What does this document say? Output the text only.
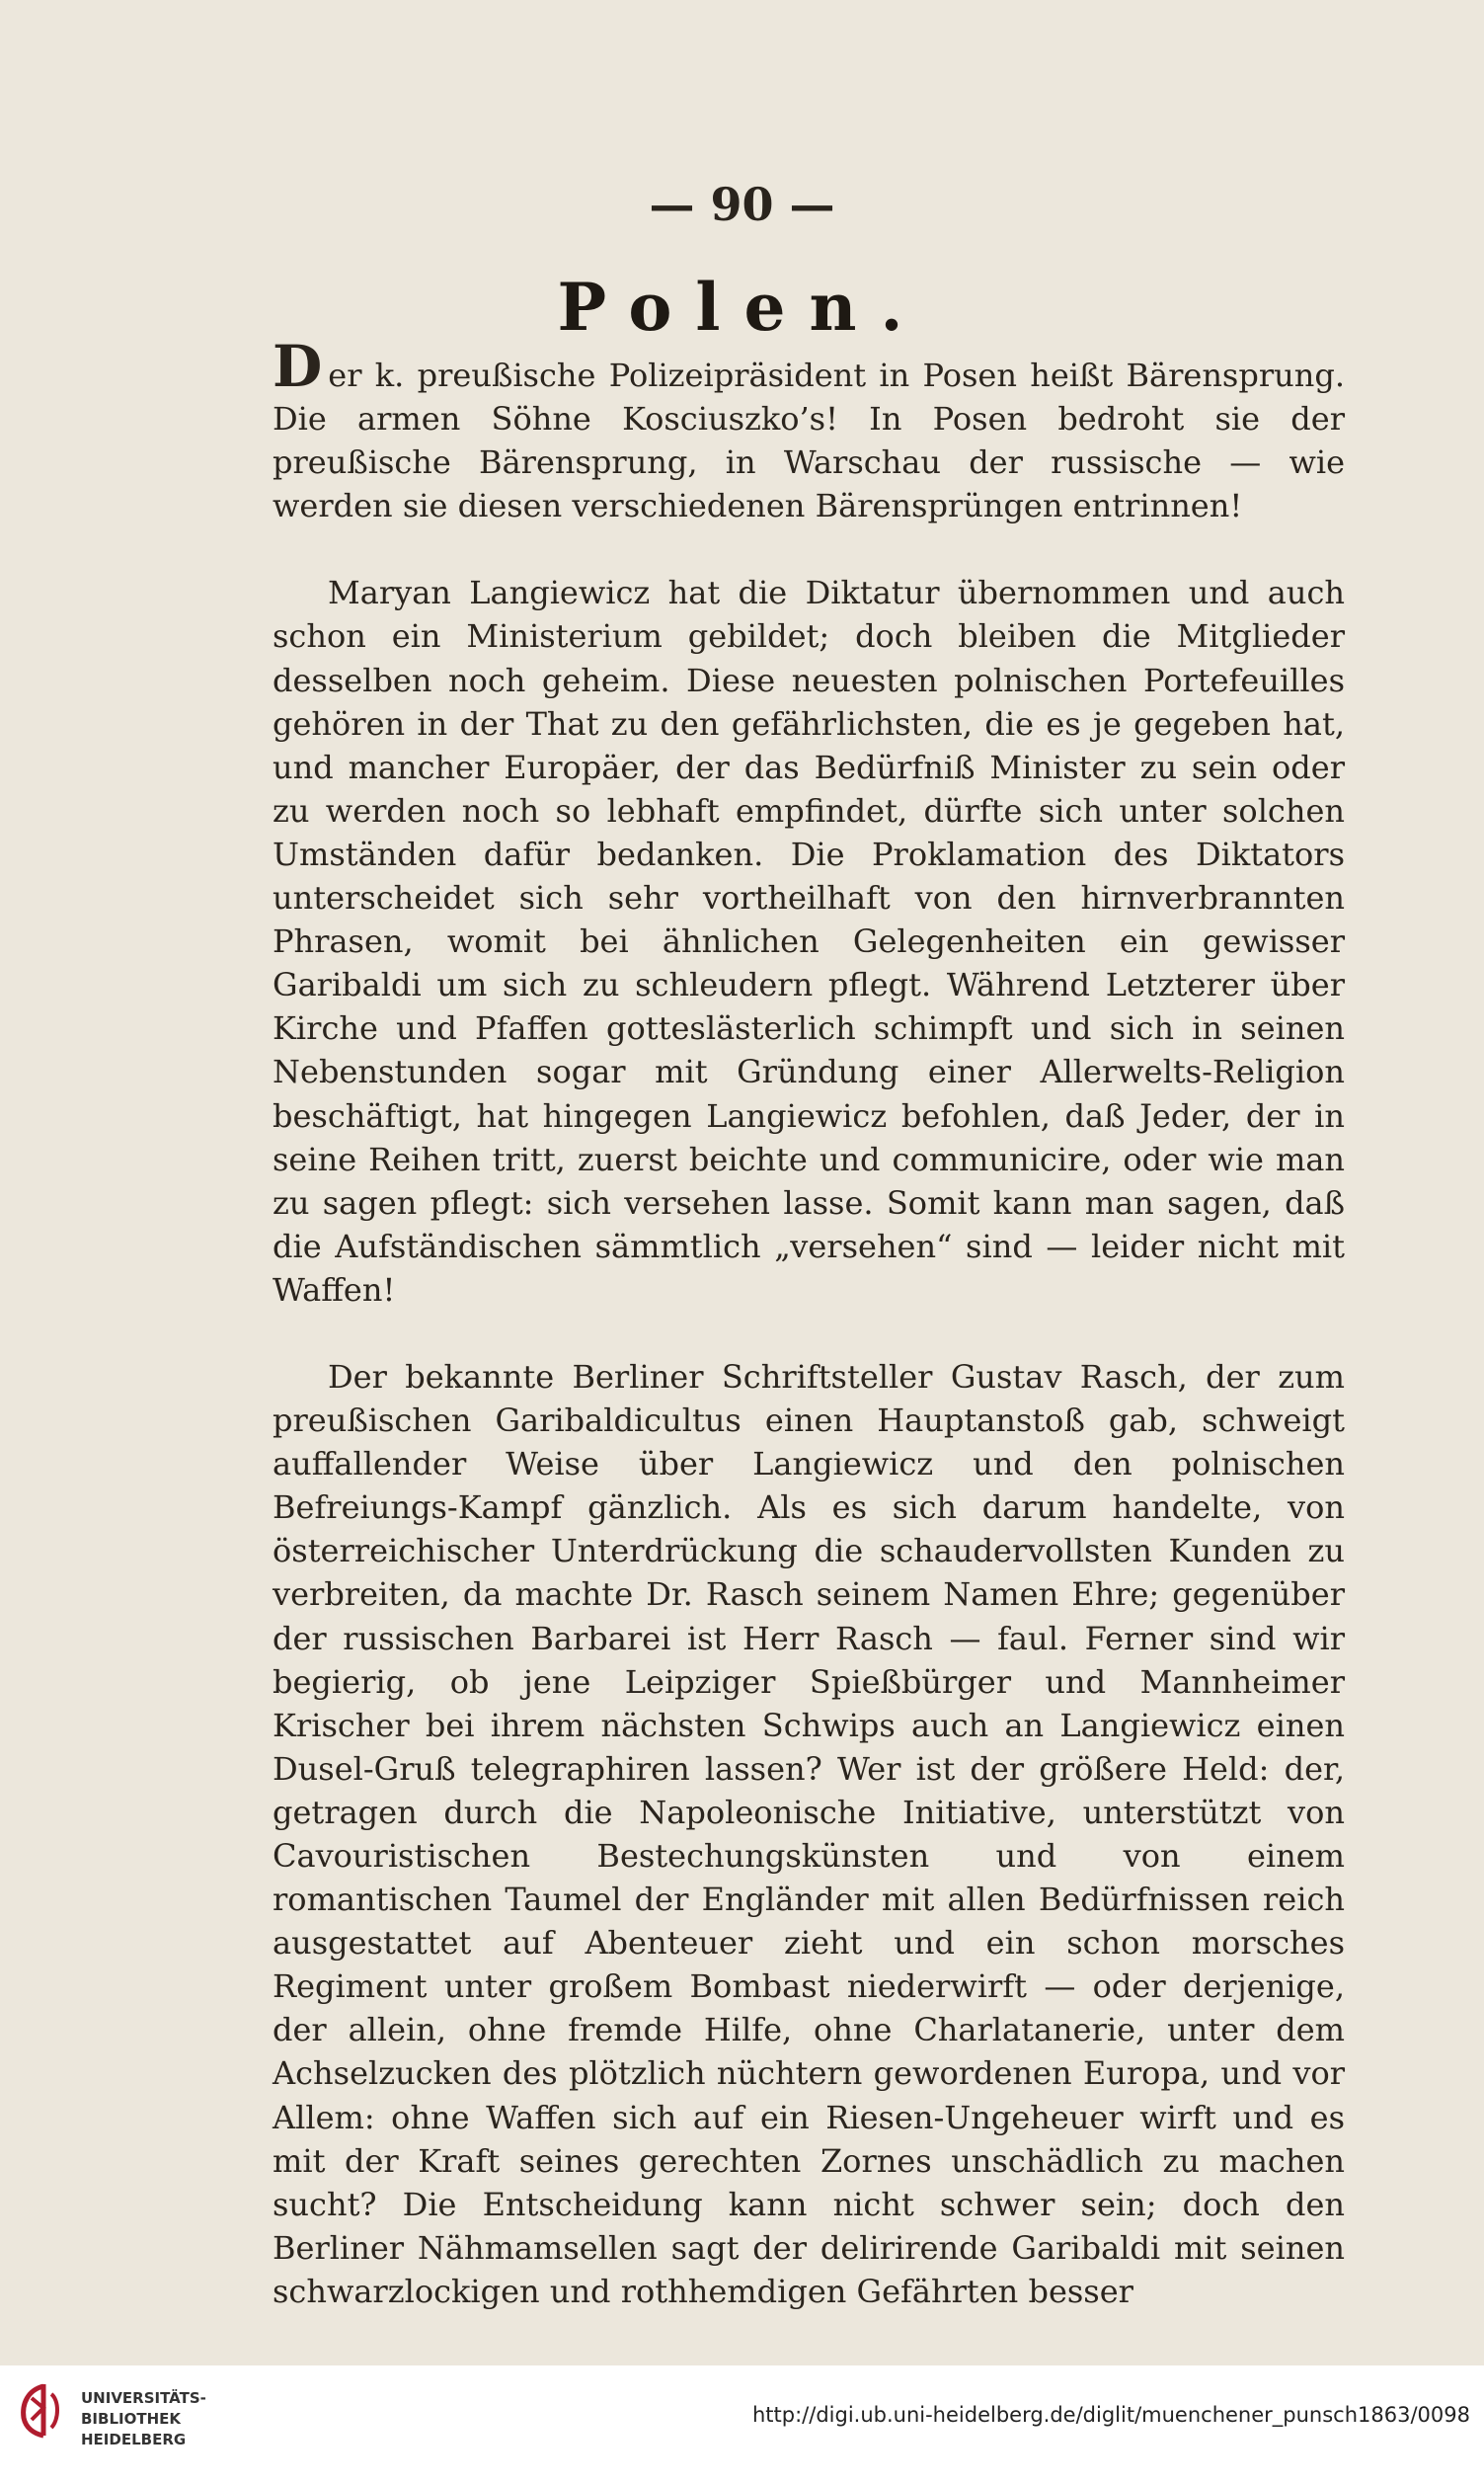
— 90 —
Polen.

Der k. preußische Polizeipräsident in Posen heißt Bärensprung. Die armen Söhne Kosciuszko’s! In Posen bedroht sie der preußische Bärensprung, in Warschau der russische — wie werden sie diesen verschiedenen Bärensprüngen entrinnen!

Maryan Langiewicz hat die Diktatur übernommen und auch schon ein Ministerium gebildet; doch bleiben die Mitglieder desselben noch geheim. Diese neuesten polnischen Portefeuilles gehören in der That zu den gefährlichsten, die es je gegeben hat, und mancher Europäer, der das Bedürfniß Minister zu sein oder zu werden noch so lebhaft empfindet, dürfte sich unter solchen Umständen dafür bedanken. Die Proklamation des Diktators unterscheidet sich sehr vortheilhaft von den hirnverbrannten Phrasen, womit bei ähnlichen Gelegenheiten ein gewisser Garibaldi um sich zu schleudern pflegt. Während Letzterer über Kirche und Pfaffen gotteslästerlich schimpft und sich in seinen Nebenstunden sogar mit Gründung einer Allerwelts-Religion beschäftigt, hat hingegen Langiewicz befohlen, daß Jeder, der in seine Reihen tritt, zuerst beichte und communicire, oder wie man zu sagen pflegt: sich versehen lasse. Somit kann man sagen, daß die Aufständischen sämmtlich „versehen“ sind — leider nicht mit Waffen!

Der bekannte Berliner Schriftsteller Gustav Rasch, der zum preußischen Garibaldicultus einen Hauptanstoß gab, schweigt auffallender Weise über Langiewicz und den polnischen Befreiungs-Kampf gänzlich. Als es sich darum handelte, von österreichischer Unterdrückung die schaudervollsten Kunden zu verbreiten, da machte Dr. Rasch seinem Namen Ehre; gegenüber der russischen Barbarei ist Herr Rasch — faul. Ferner sind wir begierig, ob jene Leipziger Spießbürger und Mannheimer Krischer bei ihrem nächsten Schwips auch an Langiewicz einen Dusel-Gruß telegraphiren lassen? Wer ist der größere Held: der, getragen durch die Napoleonische Initiative, unterstützt von Cavouristischen Bestechungskünsten und von einem romantischen Taumel der Engländer mit allen Bedürfnissen reich ausgestattet auf Abenteuer zieht und ein schon morsches Regiment unter großem Bombast niederwirft — oder derjenige, der allein, ohne fremde Hilfe, ohne Charlatanerie, unter dem Achselzucken des plötzlich nüchtern gewordenen Europa, und vor Allem: ohne Waffen sich auf ein Riesen-Ungeheuer wirft und es mit der Kraft seines gerechten Zornes unschädlich zu machen sucht? Die Entscheidung kann nicht schwer sein; doch den Berliner Nähmamsellen sagt der delirirende Garibaldi mit seinen schwarzlockigen und rothhemdigen Gefährten besser

UNIVERSITÄTS-
BIBLIOTHEK
HEIDELBERG
http://digi.ub.uni-heidelberg.de/diglit/muenchener_punsch1863/0098
